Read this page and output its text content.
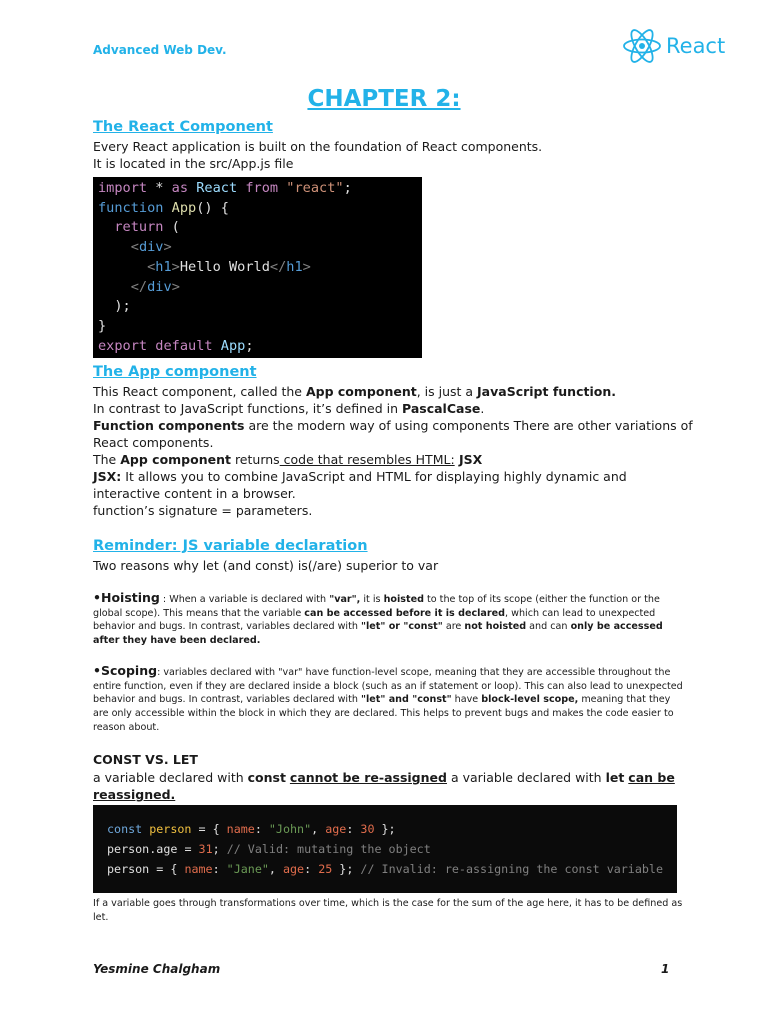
Advanced Web Dev.	React
CHAPTER 2:
The React Component

Every React application is built on the foundation of React components.

It is located in the src/App.js file

import * as React from "react";
function App() {
return (
<div>
<h1>Hello World</h1>
</div>
);
}
export default App;
The App component

This React component, called the App component, is just a JavaScript function.

In contrast to JavaScript functions, it’s defined in PascalCase.

Function components are the modern way of using components There are other variations of React components.

The App component returns code that resembles HTML: JSX

JSX: It allows you to combine JavaScript and HTML for displaying highly dynamic and interactive content in a browser.

function’s signature = parameters.

Reminder: JS variable declaration
Two reasons why let (and const) is(/are) superior to var

•Hoisting : When a variable is declared with "var", it is hoisted to the top of its scope (either the function or the global scope). This means that the variable can be accessed before it is declared, which can lead to unexpected behavior and bugs. In contrast, variables declared with "let" or "const" are not hoisted and can only be accessed after they have been declared.

•Scoping: variables declared with "var" have function-level scope, meaning that they are accessible throughout the entire function, even if they are declared inside a block (such as an if statement or loop). This can also lead to unexpected behavior and bugs. In contrast, variables declared with "let" and "const" have block-level scope, meaning that they are only accessible within the block in which they are declared. This helps to prevent bugs and makes the code easier to reason about.

CONST VS. LET

a variable declared with const cannot be re-assigned a variable declared with let can be reassigned.

const person = { name: "John", age: 30 };
person.age = 31; // Valid: mutating the object
person = { name: "Jane", age: 25 }; // Invalid: re-assigning the const variable
If a variable goes through transformations over time, which is the case for the sum of the age here, it has to be defined as let.
Yesmine Chalgham	1
